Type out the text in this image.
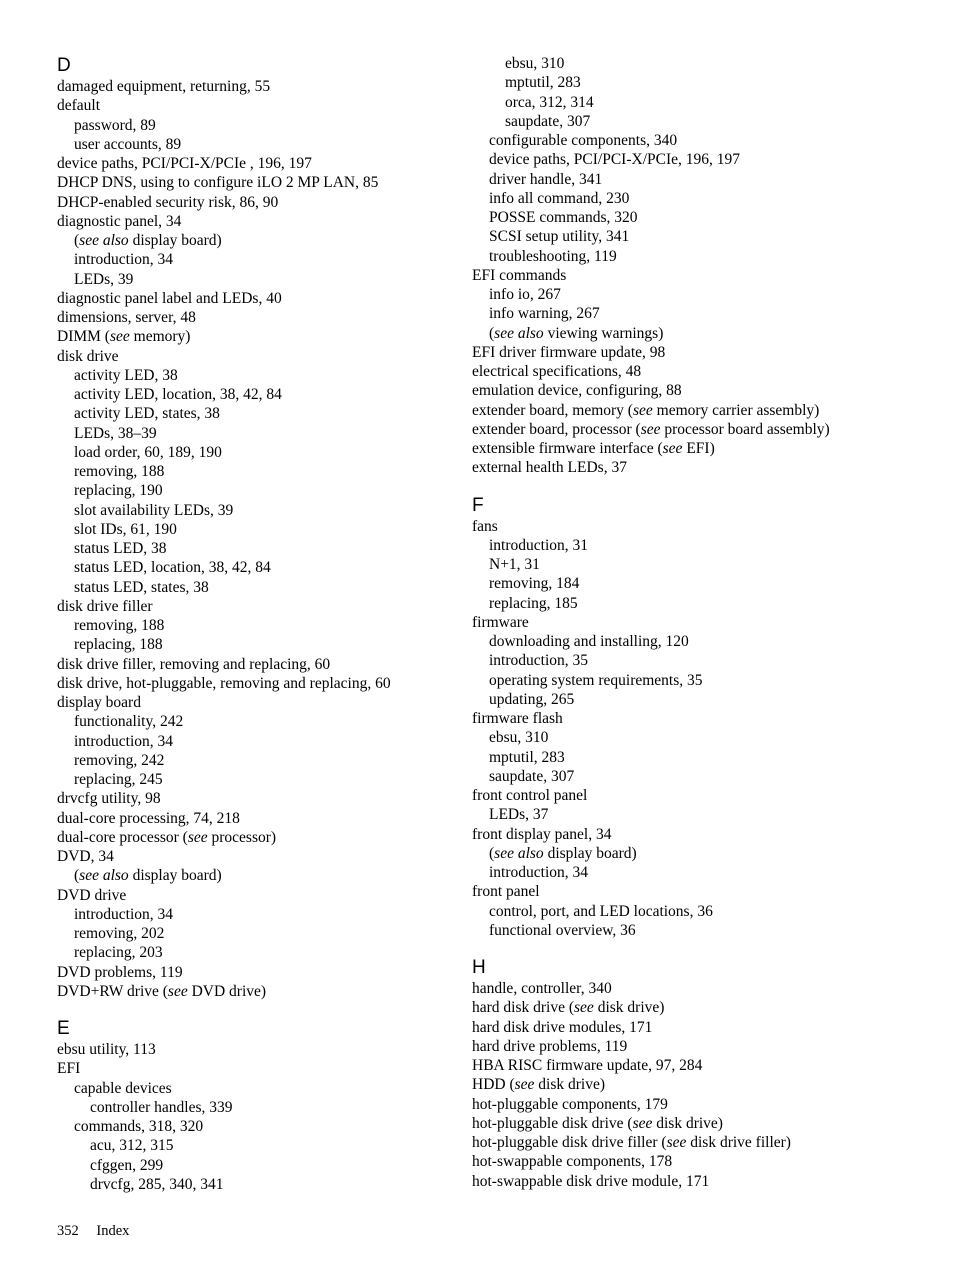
D
damaged equipment, returning, 55
default
password, 89
user accounts, 89
device paths, PCI/PCI-X/PCIe , 196, 197
DHCP DNS, using to configure iLO 2 MP LAN, 85
DHCP-enabled security risk, 86, 90
diagnostic panel, 34
(see also display board)
introduction, 34
LEDs, 39
diagnostic panel label and LEDs, 40
dimensions, server, 48
DIMM (see memory)
disk drive
activity LED, 38
activity LED, location, 38, 42, 84
activity LED, states, 38
LEDs, 38–39
load order, 60, 189, 190
removing, 188
replacing, 190
slot availability LEDs, 39
slot IDs, 61, 190
status LED, 38
status LED, location, 38, 42, 84
status LED, states, 38
disk drive filler
removing, 188
replacing, 188
disk drive filler, removing and replacing, 60
disk drive, hot-pluggable, removing and replacing, 60
display board
functionality, 242
introduction, 34
removing, 242
replacing, 245
drvcfg utility, 98
dual-core processing, 74, 218
dual-core processor (see processor)
DVD, 34
(see also display board)
DVD drive
introduction, 34
removing, 202
replacing, 203
DVD problems, 119
DVD+RW drive (see DVD drive)
E
ebsu utility, 113
EFI
capable devices
controller handles, 339
commands, 318, 320
acu, 312, 315
cfggen, 299
drvcfg, 285, 340, 341
ebsu, 310
mptutil, 283
orca, 312, 314
saupdate, 307
configurable components, 340
device paths, PCI/PCI-X/PCIe, 196, 197
driver handle, 341
info all command, 230
POSSE commands, 320
SCSI setup utility, 341
troubleshooting, 119
EFI commands
info io, 267
info warning, 267
(see also viewing warnings)
EFI driver firmware update, 98
electrical specifications, 48
emulation device, configuring, 88
extender board, memory (see memory carrier assembly)
extender board, processor (see processor board assembly)
extensible firmware interface (see EFI)
external health LEDs, 37
F
fans
introduction, 31
N+1, 31
removing, 184
replacing, 185
firmware
downloading and installing, 120
introduction, 35
operating system requirements, 35
updating, 265
firmware flash
ebsu, 310
mptutil, 283
saupdate, 307
front control panel
LEDs, 37
front display panel, 34
(see also display board)
introduction, 34
front panel
control, port, and LED locations, 36
functional overview, 36
H
handle, controller, 340
hard disk drive (see disk drive)
hard disk drive modules, 171
hard drive problems, 119
HBA RISC firmware update, 97, 284
HDD (see disk drive)
hot-pluggable components, 179
hot-pluggable disk drive (see disk drive)
hot-pluggable disk drive filler (see disk drive filler)
hot-swappable components, 178
hot-swappable disk drive module, 171
352 Index
